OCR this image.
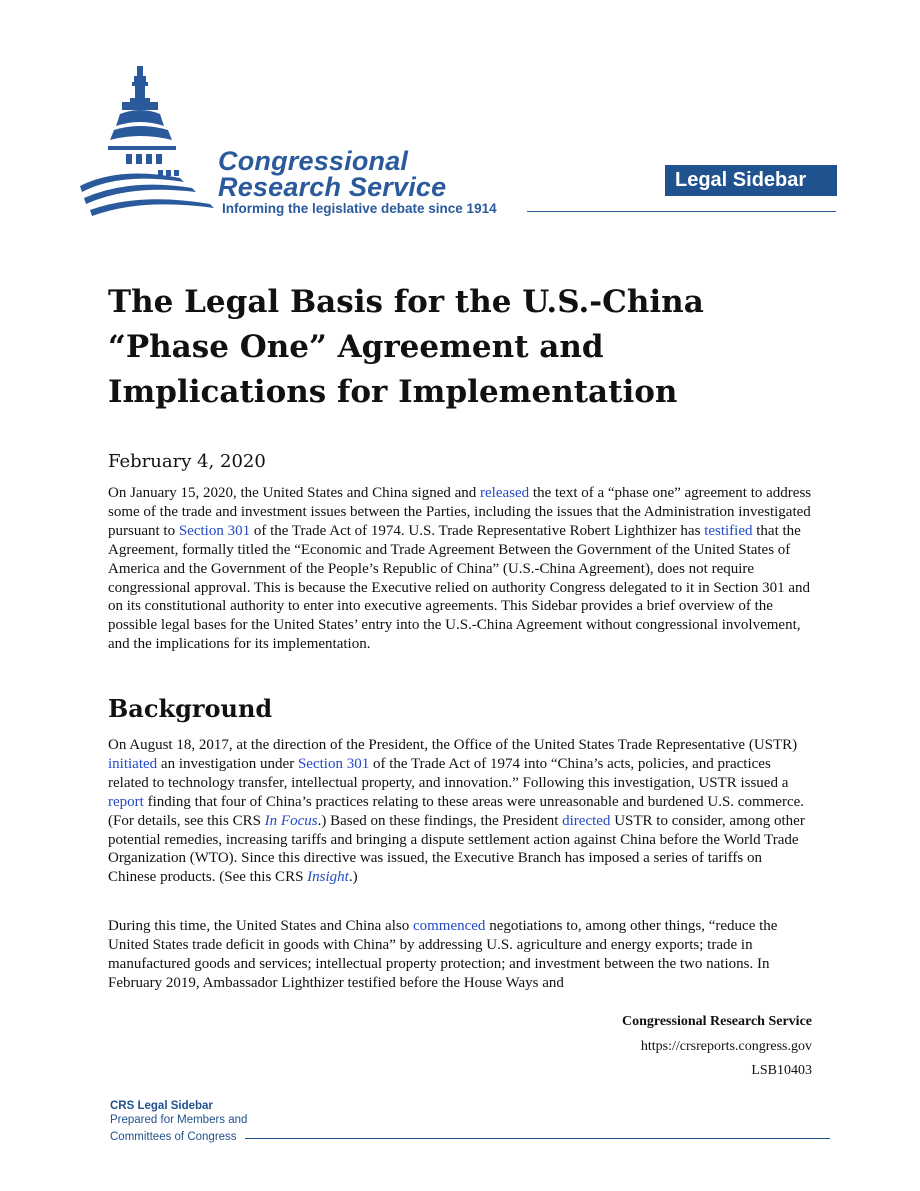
Congressional
Research Service
Informing the legislative debate since 1914
Legal Sidebar
The Legal Basis for the U.S.-China “Phase One” Agreement and Implications for Implementation
February 4, 2020

On January 15, 2020, the United States and China signed and released the text of a “phase one” agreement to address some of the trade and investment issues between the Parties, including the issues that the Administration investigated pursuant to Section 301 of the Trade Act of 1974. U.S. Trade Representative Robert Lighthizer has testified that the Agreement, formally titled the “Economic and Trade Agreement Between the Government of the United States of America and the Government of the People’s Republic of China” (U.S.-China Agreement), does not require congressional approval. This is because the Executive relied on authority Congress delegated to it in Section 301 and on its constitutional authority to enter into executive agreements. This Sidebar provides a brief overview of the possible legal bases for the United States’ entry into the U.S.-China Agreement without congressional involvement, and the implications for its implementation.

Background

On August 18, 2017, at the direction of the President, the Office of the United States Trade Representative (USTR) initiated an investigation under Section 301 of the Trade Act of 1974 into “China’s acts, policies, and practices related to technology transfer, intellectual property, and innovation.” Following this investigation, USTR issued a report finding that four of China’s practices relating to these areas were unreasonable and burdened U.S. commerce. (For details, see this CRS In Focus.) Based on these findings, the President directed USTR to consider, among other potential remedies, increasing tariffs and bringing a dispute settlement action against China before the World Trade Organization (WTO). Since this directive was issued, the Executive Branch has imposed a series of tariffs on Chinese products. (See this CRS Insight.)

During this time, the United States and China also commenced negotiations to, among other things, “reduce the United States trade deficit in goods with China” by addressing U.S. agriculture and energy exports; trade in manufactured goods and services; intellectual property protection; and investment between the two nations. In February 2019, Ambassador Lighthizer testified before the House Ways and

Congressional Research Service
https://crsreports.congress.gov
LSB10403
CRS Legal Sidebar
Prepared for Members and
Committees of Congress
